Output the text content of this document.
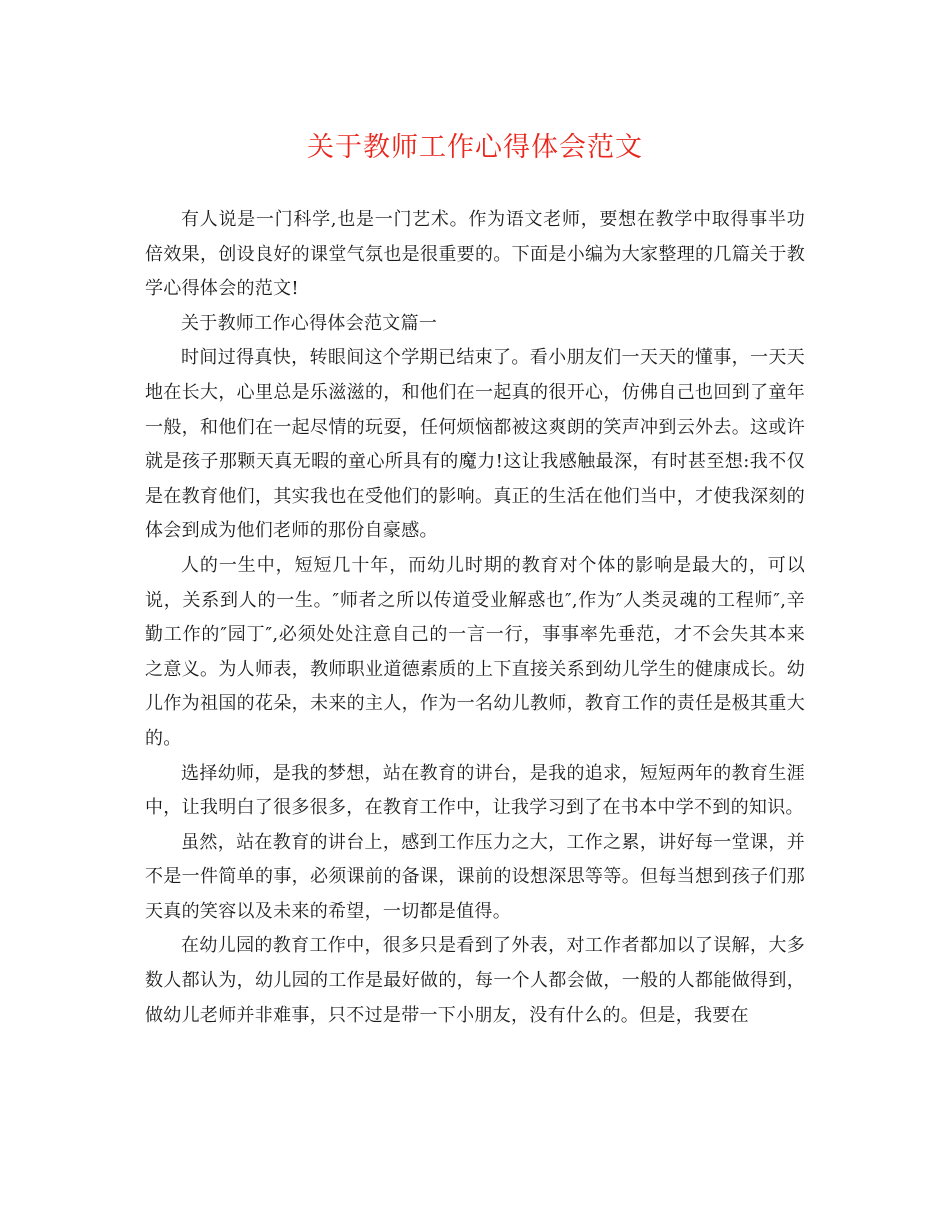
关于教师工作心得体会范文

有人说是一门科学,也是一门艺术。作为语文老师，要想在教学中取得事半功倍效果，创设良好的课堂气氛也是很重要的。下面是小编为大家整理的几篇关于教学心得体会的范文!

关于教师工作心得体会范文篇一

时间过得真快，转眼间这个学期已结束了。看小朋友们一天天的懂事，一天天地在长大，心里总是乐滋滋的，和他们在一起真的很开心，仿佛自己也回到了童年一般，和他们在一起尽情的玩耍，任何烦恼都被这爽朗的笑声冲到云外去。这或许就是孩子那颗天真无暇的童心所具有的魔力!这让我感触最深，有时甚至想:我不仅是在教育他们，其实我也在受他们的影响。真正的生活在他们当中，才使我深刻的体会到成为他们老师的那份自豪感。

人的一生中，短短几十年，而幼儿时期的教育对个体的影响是最大的，可以说，关系到人的一生。″师者之所以传道受业解惑也″,作为″人类灵魂的工程师″,辛勤工作的″园丁″,必须处处注意自己的一言一行，事事率先垂范，才不会失其本来之意义。为人师表，教师职业道德素质的上下直接关系到幼儿学生的健康成长。幼儿作为祖国的花朵，未来的主人，作为一名幼儿教师，教育工作的责任是极其重大的。

选择幼师，是我的梦想，站在教育的讲台，是我的追求，短短两年的教育生涯中，让我明白了很多很多，在教育工作中，让我学习到了在书本中学不到的知识。

虽然，站在教育的讲台上，感到工作压力之大，工作之累，讲好每一堂课，并不是一件简单的事，必须课前的备课，课前的设想深思等等。但每当想到孩子们那天真的笑容以及未来的希望，一切都是值得。

在幼儿园的教育工作中，很多只是看到了外表，对工作者都加以了误解，大多数人都认为，幼儿园的工作是最好做的，每一个人都会做，一般的人都能做得到，做幼儿老师并非难事，只不过是带一下小朋友，没有什么的。但是，我要在
